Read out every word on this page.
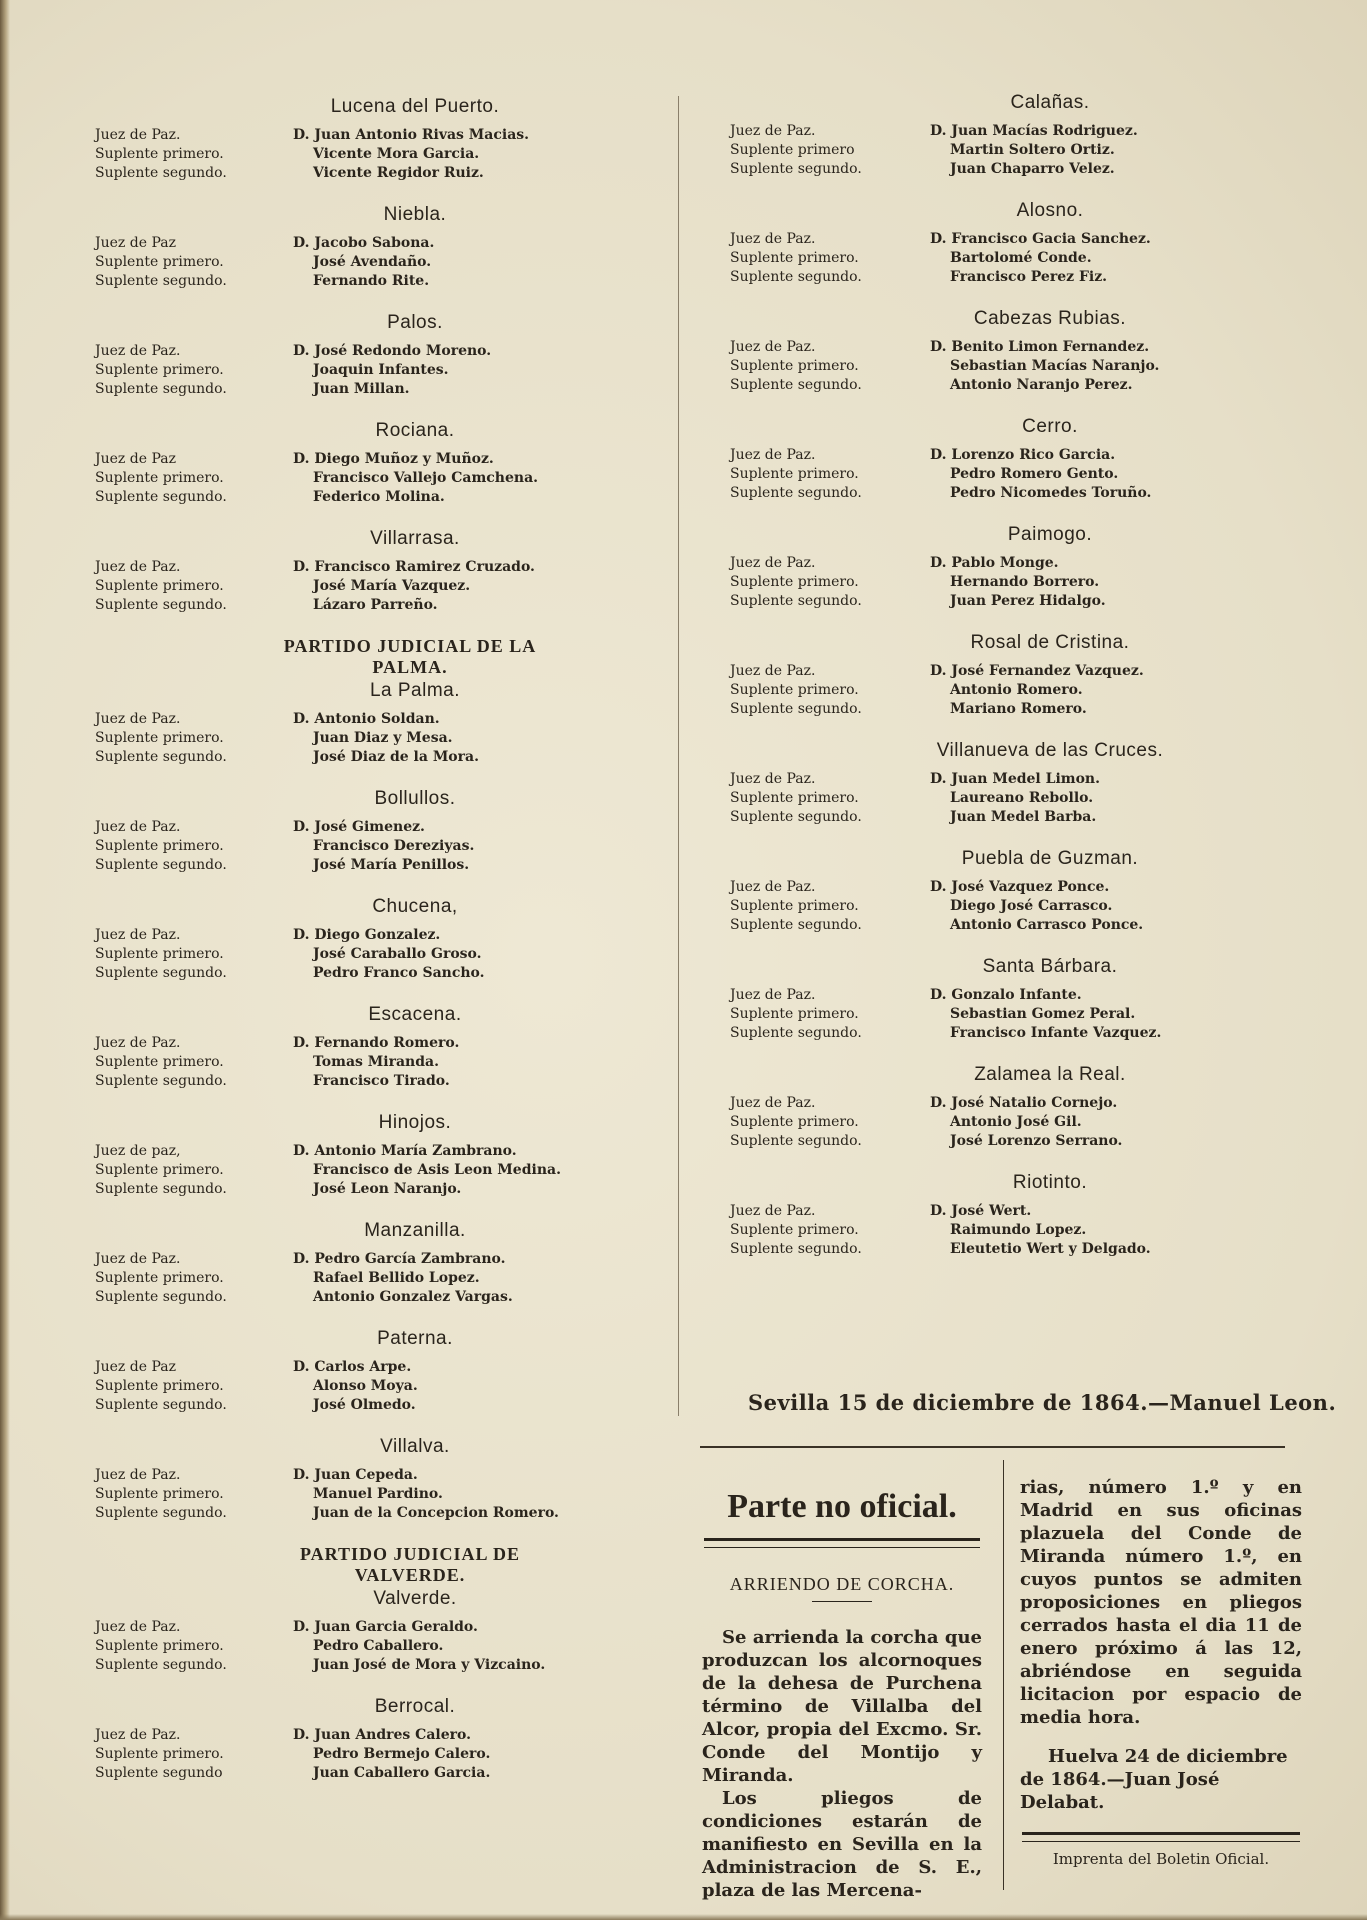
Lucena del Puerto.
Juez de Paz.
Suplente primero.
Suplente segundo.
D. Juan Antonio Rivas Macias.
Vicente Mora Garcia.
Vicente Regidor Ruiz.
Niebla.
Juez de Paz
Suplente primero.
Suplente segundo.
D. Jacobo Sabona.
José Avendaño.
Fernando Rite.
Palos.
Juez de Paz.
Suplente primero.
Suplente segundo.
D. José Redondo Moreno.
Joaquin Infantes.
Juan Millan.
Rociana.
Juez de Paz
Suplente primero.
Suplente segundo.
D. Diego Muñoz y Muñoz.
Francisco Vallejo Camchena.
Federico Molina.
Villarrasa.
Juez de Paz.
Suplente primero.
Suplente segundo.
D. Francisco Ramirez Cruzado.
José María Vazquez.
Lázaro Parreño.
PARTIDO JUDICIAL DE LA PALMA.
La Palma.
Juez de Paz.
Suplente primero.
Suplente segundo.
D. Antonio Soldan.
Juan Diaz y Mesa.
José Diaz de la Mora.
Bollullos.
Juez de Paz.
Suplente primero.
Suplente segundo.
D. José Gimenez.
Francisco Dereziyas.
José María Penillos.
Chucena,
Juez de Paz.
Suplente primero.
Suplente segundo.
D. Diego Gonzalez.
José Caraballo Groso.
Pedro Franco Sancho.
Escacena.
Juez de Paz.
Suplente primero.
Suplente segundo.
D. Fernando Romero.
Tomas Miranda.
Francisco Tirado.
Hinojos.
Juez de paz,
Suplente primero.
Suplente segundo.
D. Antonio María Zambrano.
Francisco de Asis Leon Medina.
José Leon Naranjo.
Manzanilla.
Juez de Paz.
Suplente primero.
Suplente segundo.
D. Pedro García Zambrano.
Rafael Bellido Lopez.
Antonio Gonzalez Vargas.
Paterna.
Juez de Paz
Suplente primero.
Suplente segundo.
D. Carlos Arpe.
Alonso Moya.
José Olmedo.
Villalva.
Juez de Paz.
Suplente primero.
Suplente segundo.
D. Juan Cepeda.
Manuel Pardino.
Juan de la Concepcion Romero.
PARTIDO JUDICIAL DE VALVERDE.
Valverde.
Juez de Paz.
Suplente primero.
Suplente segundo.
D. Juan Garcia Geraldo.
Pedro Caballero.
Juan José de Mora y Vizcaino.
Berrocal.
Juez de Paz.
Suplente primero.
Suplente segundo
D. Juan Andres Calero.
Pedro Bermejo Calero.
Juan Caballero Garcia.
Calañas.
Juez de Paz.
Suplente primero
Suplente segundo.
D. Juan Macías Rodriguez.
Martin Soltero Ortiz.
Juan Chaparro Velez.
Alosno.
Juez de Paz.
Suplente primero.
Suplente segundo.
D. Francisco Gacia Sanchez.
Bartolomé Conde.
Francisco Perez Fiz.
Cabezas Rubias.
Juez de Paz.
Suplente primero.
Suplente segundo.
D. Benito Limon Fernandez.
Sebastian Macías Naranjo.
Antonio Naranjo Perez.
Cerro.
Juez de Paz.
Suplente primero.
Suplente segundo.
D. Lorenzo Rico Garcia.
Pedro Romero Gento.
Pedro Nicomedes Toruño.
Paimogo.
Juez de Paz.
Suplente primero.
Suplente segundo.
D. Pablo Monge.
Hernando Borrero.
Juan Perez Hidalgo.
Rosal de Cristina.
Juez de Paz.
Suplente primero.
Suplente segundo.
D. José Fernandez Vazquez.
Antonio Romero.
Mariano Romero.
Villanueva de las Cruces.
Juez de Paz.
Suplente primero.
Suplente segundo.
D. Juan Medel Limon.
Laureano Rebollo.
Juan Medel Barba.
Puebla de Guzman.
Juez de Paz.
Suplente primero.
Suplente segundo.
D. José Vazquez Ponce.
Diego José Carrasco.
Antonio Carrasco Ponce.
Santa Bárbara.
Juez de Paz.
Suplente primero.
Suplente segundo.
D. Gonzalo Infante.
Sebastian Gomez Peral.
Francisco Infante Vazquez.
Zalamea la Real.
Juez de Paz.
Suplente primero.
Suplente segundo.
D. José Natalio Cornejo.
Antonio José Gil.
José Lorenzo Serrano.
Riotinto.
Juez de Paz.
Suplente primero.
Suplente segundo.
D. José Wert.
Raimundo Lopez.
Eleutetio Wert y Delgado.
Sevilla 15 de diciembre de 1864.—Manuel Leon.
Parte no oficial.
ARRIENDO DE CORCHA.

Se arrienda la corcha que produzcan los alcornoques de la dehesa de Purchena término de Villalba del Alcor, propia del Excmo. Sr. Conde del Montijo y Miranda.

Los pliegos de condiciones estarán de manifiesto en Sevilla en la Administracion de S. E., plaza de las Mercena-

rias, número 1.º y en Madrid en sus oficinas plazuela del Conde de Miranda número 1.º, en cuyos puntos se admiten proposiciones en pliegos cerrados hasta el dia 11 de enero próximo á las 12, abriéndose en seguida licitacion por espacio de media hora.

Huelva 24 de diciembre de 1864.—Juan José Delabat.

Imprenta del Boletin Oficial.
